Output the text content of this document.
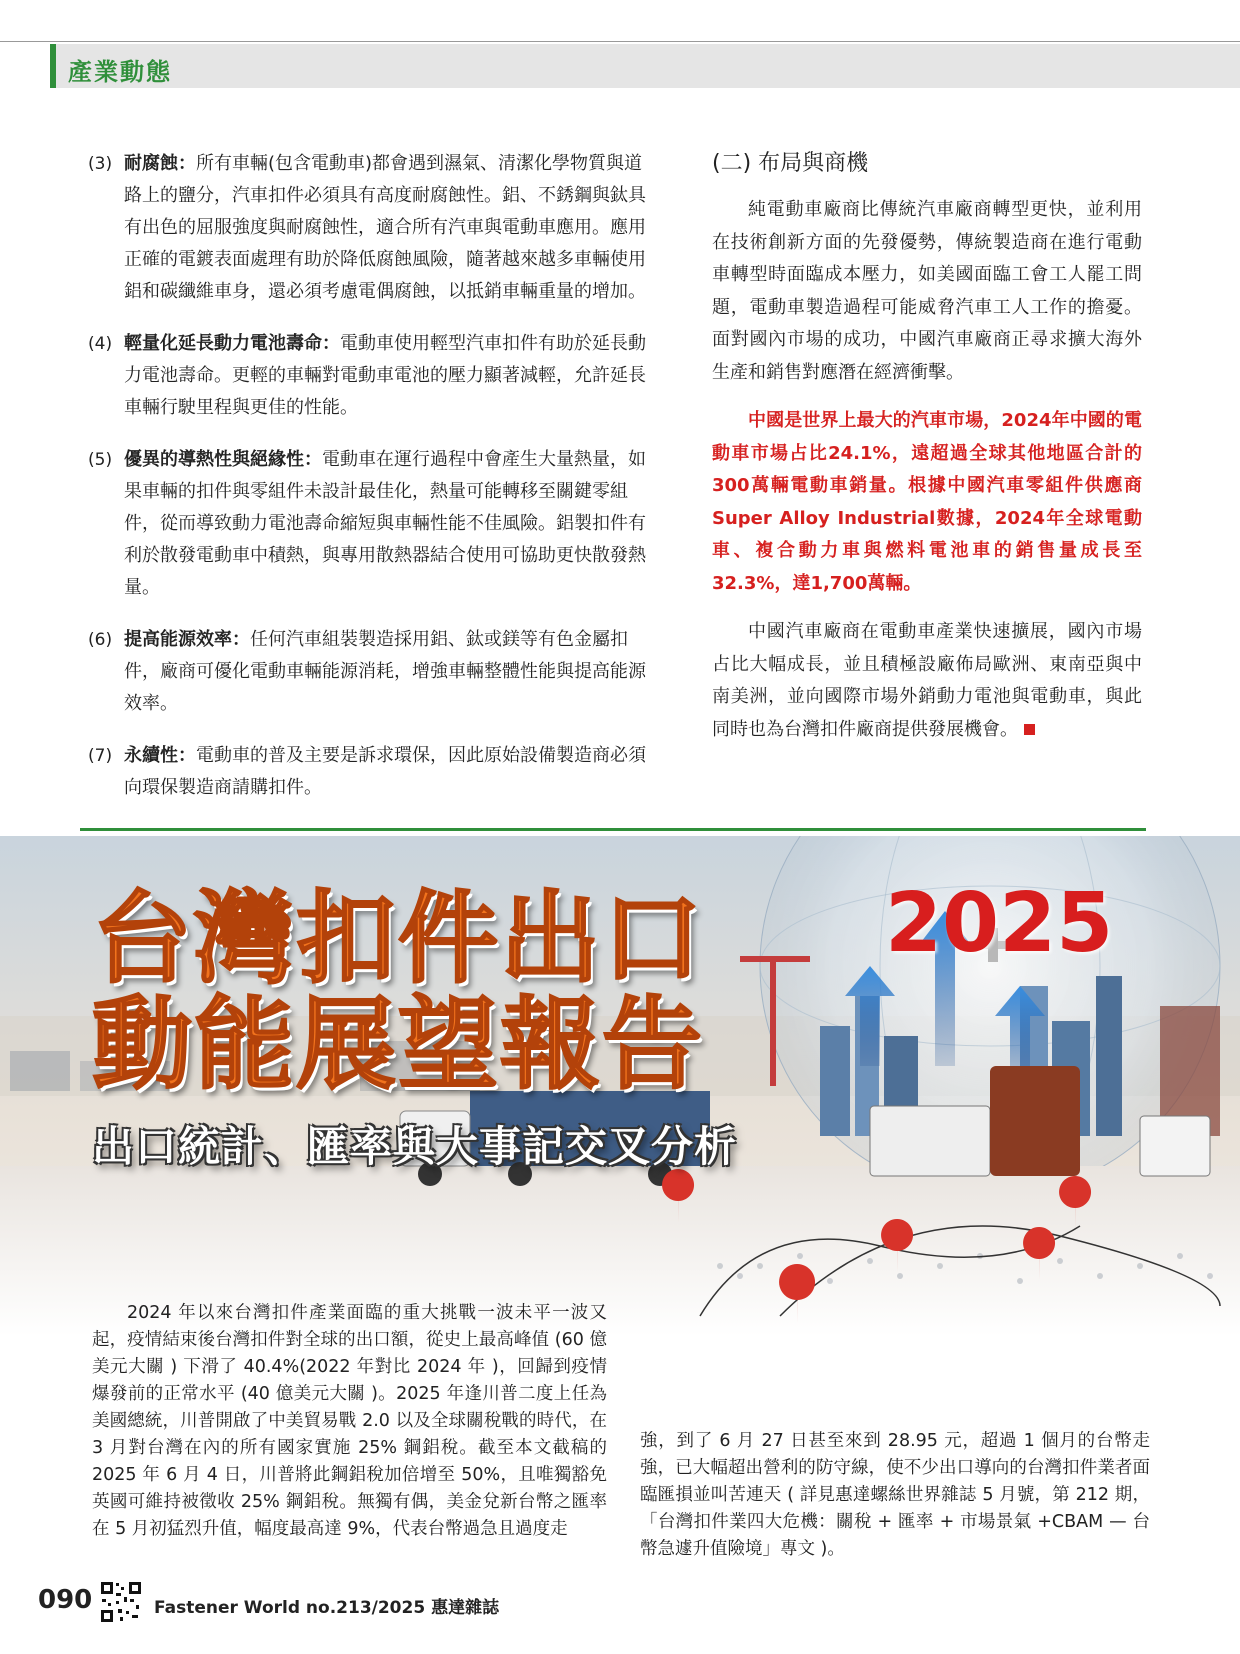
產業動態
(3) 耐腐蝕：所有車輛(包含電動車)都會遇到濕氣、清潔化學物質與道路上的鹽分，汽車扣件必須具有高度耐腐蝕性。鋁、不銹鋼與鈦具有出色的屈服強度與耐腐蝕性，適合所有汽車與電動車應用。應用正確的電鍍表面處理有助於降低腐蝕風險，隨著越來越多車輛使用鋁和碳纖維車身，還必須考慮電偶腐蝕，以抵銷車輛重量的增加。
(4) 輕量化延長動力電池壽命：電動車使用輕型汽車扣件有助於延長動力電池壽命。更輕的車輛對電動車電池的壓力顯著減輕，允許延長車輛行駛里程與更佳的性能。
(5) 優異的導熱性與絕緣性：電動車在運行過程中會產生大量熱量，如果車輛的扣件與零組件未設計最佳化，熱量可能轉移至關鍵零組件，從而導致動力電池壽命縮短與車輛性能不佳風險。鋁製扣件有利於散發電動車中積熱，與專用散熱器結合使用可協助更快散發熱量。
(6) 提高能源效率：任何汽車組裝製造採用鋁、鈦或鎂等有色金屬扣件，廠商可優化電動車輛能源消耗，增強車輛整體性能與提高能源效率。
(7) 永續性：電動車的普及主要是訴求環保，因此原始設備製造商必須向環保製造商請購扣件。
(二) 布局與商機

純電動車廠商比傳統汽車廠商轉型更快，並利用在技術創新方面的先發優勢，傳統製造商在進行電動車轉型時面臨成本壓力，如美國面臨工會工人罷工問題，電動車製造過程可能威脅汽車工人工作的擔憂。面對國內市場的成功，中國汽車廠商正尋求擴大海外生產和銷售對應潛在經濟衝擊。

中國是世界上最大的汽車市場，2024年中國的電動車市場占比24.1%，遠超過全球其他地區合計的300萬輛電動車銷量。根據中國汽車零組件供應商Super Alloy Industrial數據，2024年全球電動車、複合動力車與燃料電池車的銷售量成長至32.3%，達1,700萬輛。

中國汽車廠商在電動車產業快速擴展，國內市場占比大幅成長，並且積極設廠佈局歐洲、東南亞與中南美洲，並向國際市場外銷動力電池與電動車，與此同時也為台灣扣件廠商提供發展機會。

台灣扣件出口
動能展望報告
2025
出口統計、匯率與大事記交叉分析
2024 年以來台灣扣件產業面臨的重大挑戰一波未平一波又起，疫情結束後台灣扣件對全球的出口額，從史上最高峰值 (60 億美元大關 ) 下滑了 40.4%(2022 年對比 2024 年 )，回歸到疫情爆發前的正常水平 (40 億美元大關 )。2025 年逢川普二度上任為美國總統，川普開啟了中美貿易戰 2.0 以及全球關稅戰的時代，在 3 月對台灣在內的所有國家實施 25% 鋼鋁稅。截至本文截稿的 2025 年 6 月 4 日，川普將此鋼鋁稅加倍增至 50%，且唯獨豁免英國可維持被徵收 25% 鋼鋁稅。無獨有偶，美金兌新台幣之匯率在 5 月初猛烈升值，幅度最高達 9%，代表台幣過急且過度走
強，到了 6 月 27 日甚至來到 28.95 元，超過 1 個月的台幣走強，已大幅超出營利的防守線，使不少出口導向的台灣扣件業者面臨匯損並叫苦連天 ( 詳見惠達螺絲世界雜誌 5 月號，第 212 期，「台灣扣件業四大危機：關稅 + 匯率 + 市場景氣 +CBAM — 台幣急遽升值險境」專文 )。
090	Fastener World no.213/2025 惠達雜誌
